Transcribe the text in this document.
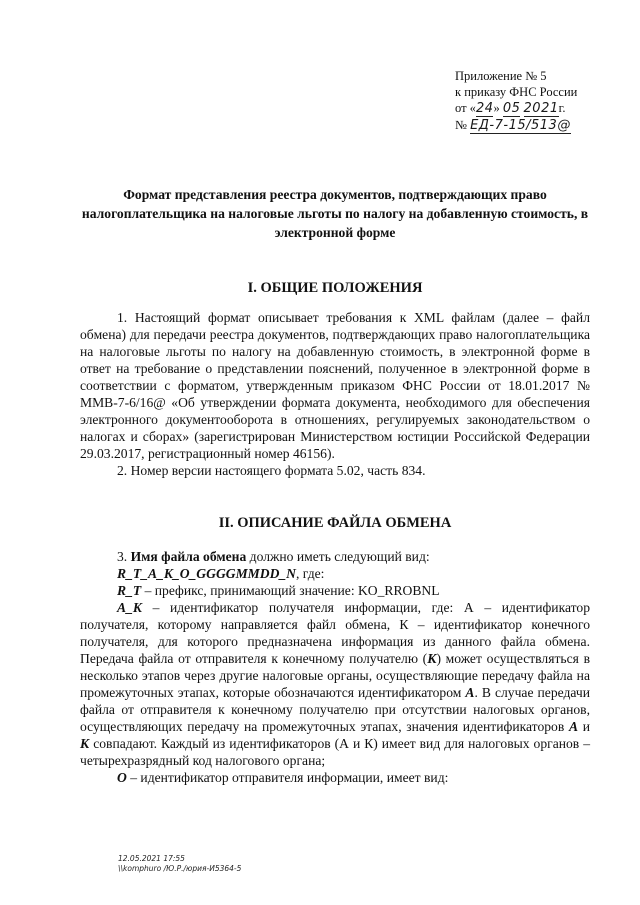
Приложение № 5
к приказу ФНС России
от «24» 05 2021г.
№ ЕД-7-15/513@
Формат представления реестра документов, подтверждающих право налогоплательщика на налоговые льготы по налогу на добавленную стоимость, в электронной форме
I. ОБЩИЕ ПОЛОЖЕНИЯ

1. Настоящий формат описывает требования к XML файлам (далее – файл обмена) для передачи реестра документов, подтверждающих право налогоплательщика на налоговые льготы по налогу на добавленную стоимость, в электронной форме в ответ на требование о представлении пояснений, полученное в электронной форме в соответствии с форматом, утвержденным приказом ФНС России от 18.01.2017 № ММВ-7-6/16@ «Об утверждении формата документа, необходимого для обеспечения электронного документооборота в отношениях, регулируемых законодательством о налогах и сборах» (зарегистрирован Министерством юстиции Российской Федерации 29.03.2017, регистрационный номер 46156).

2. Номер версии настоящего формата 5.02, часть 834.

II. ОПИСАНИЕ ФАЙЛА ОБМЕНА

3. Имя файла обмена должно иметь следующий вид:

R_T_A_K_O_GGGGMMDD_N, где:

R_T – префикс, принимающий значение: KO_RROBNL

A_K – идентификатор получателя информации, где: А – идентификатор получателя, которому направляется файл обмена, К – идентификатор конечного получателя, для которого предназначена информация из данного файла обмена. Передача файла от отправителя к конечному получателю (К) может осуществляться в несколько этапов через другие налоговые органы, осуществляющие передачу файла на промежуточных этапах, которые обозначаются идентификатором А. В случае передачи файла от отправителя к конечному получателю при отсутствии налоговых органов, осуществляющих передачу на промежуточных этапах, значения идентификаторов А и К совпадают. Каждый из идентификаторов (А и К) имеет вид для налоговых органов – четырехразрядный код налогового органа;

О – идентификатор отправителя информации, имеет вид:

12.05.2021 17:55
\\komphuro /Ю.Р./юрия-И5364-5
